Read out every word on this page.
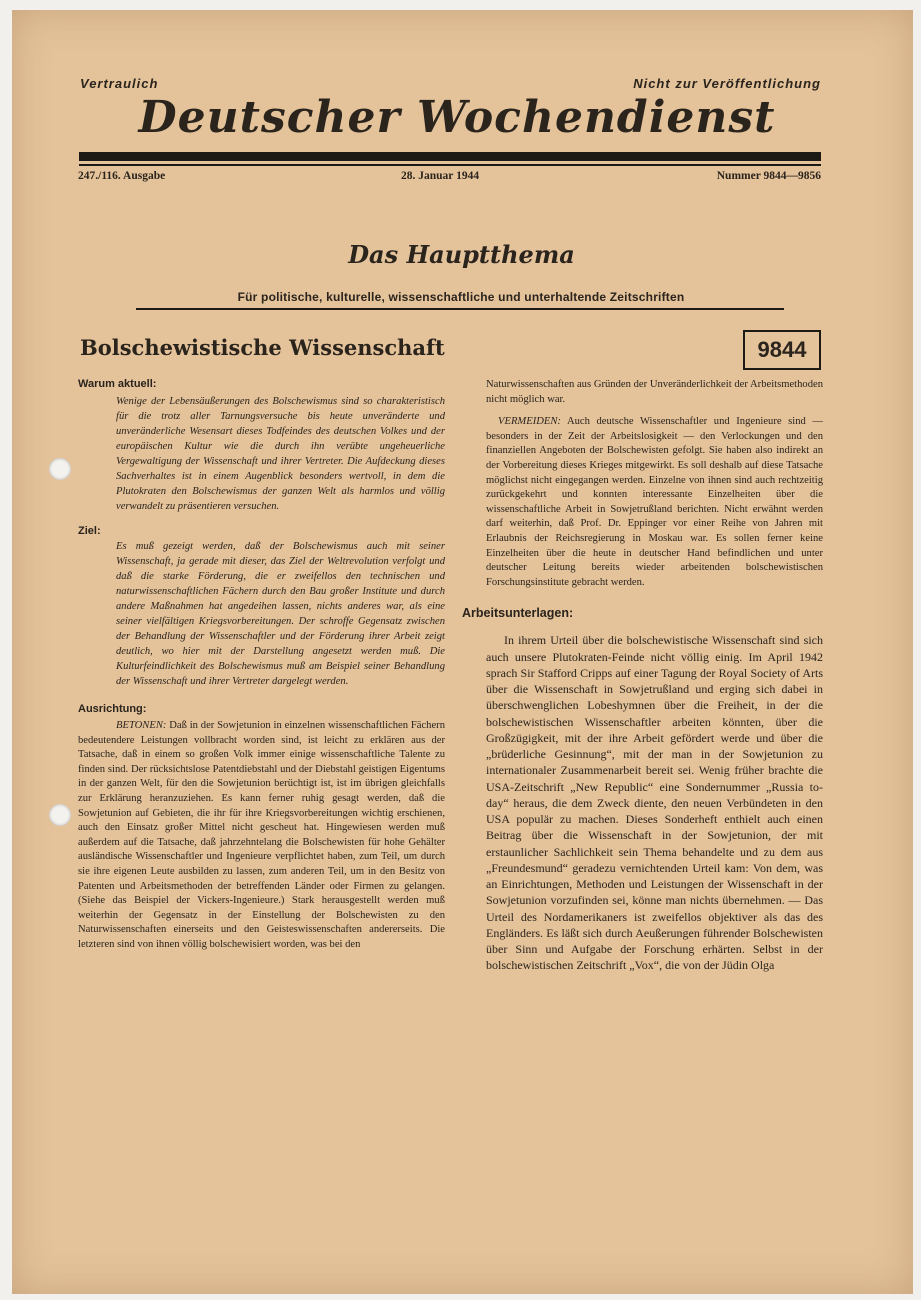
Vertraulich	Nicht zur Veröffentlichung
Deutscher Wochendienst
247./116. Ausgabe	28. Januar 1944	Nummer 9844—9856
Das Hauptthema
Für politische, kulturelle, wissenschaftliche und unterhaltende Zeitschriften
Bolschewistische Wissenschaft	9844
Warum aktuell:
Wenige der Lebensäußerungen des Bolschewismus sind so charakteristisch für die trotz aller Tarnungsversuche bis heute unveränderte und unveränderliche Wesensart dieses Todfeindes des deutschen Volkes und der europäischen Kultur wie die durch ihn verübte ungeheuerliche Vergewaltigung der Wissenschaft und ihrer Vertreter. Die Aufdeckung dieses Sachverhaltes ist in einem Augenblick besonders wertvoll, in dem die Plutokraten den Bolschewismus der ganzen Welt als harmlos und völlig verwandelt zu präsentieren versuchen.
Ziel:
Es muß gezeigt werden, daß der Bolschewismus auch mit seiner Wissenschaft, ja gerade mit dieser, das Ziel der Weltrevolution verfolgt und daß die starke Förderung, die er zweifellos den technischen und naturwissenschaftlichen Fächern durch den Bau großer Institute und durch andere Maßnahmen hat angedeihen lassen, nichts anderes war, als eine seiner vielfältigen Kriegsvorbereitungen. Der schroffe Gegensatz zwischen der Behandlung der Wissenschaftler und der Förderung ihrer Arbeit zeigt deutlich, wo hier mit der Darstellung angesetzt werden muß. Die Kulturfeindlichkeit des Bolschewismus muß am Beispiel seiner Behandlung der Wissenschaft und ihrer Vertreter dargelegt werden.
Ausrichtung:
BETONEN: Daß in der Sowjetunion in einzelnen wissenschaftlichen Fächern bedeutendere Leistungen vollbracht worden sind, ist leicht zu erklären aus der Tatsache, daß in einem so großen Volk immer einige wissenschaftliche Talente zu finden sind. Der rücksichtslose Patentdiebstahl und der Diebstahl geistigen Eigentums in der ganzen Welt, für den die Sowjetunion berüchtigt ist, ist im übrigen gleichfalls zur Erklärung heranzuziehen. Es kann ferner ruhig gesagt werden, daß die Sowjetunion auf Gebieten, die ihr für ihre Kriegsvorbereitungen wichtig erschienen, auch den Einsatz großer Mittel nicht gescheut hat. Hingewiesen werden muß außerdem auf die Tatsache, daß jahrzehntelang die Bolschewisten für hohe Gehälter ausländische Wissenschaftler und Ingenieure verpflichtet haben, zum Teil, um durch sie ihre eigenen Leute ausbilden zu lassen, zum anderen Teil, um in den Besitz von Patenten und Arbeitsmethoden der betreffenden Länder oder Firmen zu gelangen. (Siehe das Beispiel der Vickers-Ingenieure.) Stark herausgestellt werden muß weiterhin der Gegensatz in der Einstellung der Bolschewisten zu den Naturwissenschaften einerseits und den Geisteswissenschaften andererseits. Die letzteren sind von ihnen völlig bolschewisiert worden, was bei den
Naturwissenschaften aus Gründen der Unveränderlichkeit der Arbeitsmethoden nicht möglich war.
VERMEIDEN: Auch deutsche Wissenschaftler und Ingenieure sind — besonders in der Zeit der Arbeitslosigkeit — den Verlockungen und den finanziellen Angeboten der Bolschewisten gefolgt. Sie haben also indirekt an der Vorbereitung dieses Krieges mitgewirkt. Es soll deshalb auf diese Tatsache möglichst nicht eingegangen werden. Einzelne von ihnen sind auch rechtzeitig zurückgekehrt und konnten interessante Einzelheiten über die wissenschaftliche Arbeit in Sowjetrußland berichten. Nicht erwähnt werden darf weiterhin, daß Prof. Dr. Eppinger vor einer Reihe von Jahren mit Erlaubnis der Reichsregierung in Moskau war. Es sollen ferner keine Einzelheiten über die heute in deutscher Hand befindlichen und unter deutscher Leitung bereits wieder arbeitenden bolschewistischen Forschungsinstitute gebracht werden.
Arbeitsunterlagen:
In ihrem Urteil über die bolschewistische Wissenschaft sind sich auch unsere Plutokraten-Feinde nicht völlig einig. Im April 1942 sprach Sir Stafford Cripps auf einer Tagung der Royal Society of Arts über die Wissenschaft in Sowjetrußland und erging sich dabei in überschwenglichen Lobeshymnen über die Freiheit, in der die bolschewistischen Wissenschaftler arbeiten könnten, über die Großzügigkeit, mit der ihre Arbeit gefördert werde und über die „brüderliche Gesinnung“, mit der man in der Sowjetunion zu internationaler Zusammenarbeit bereit sei. Wenig früher brachte die USA-Zeitschrift „New Republic“ eine Sondernummer „Russia to-day“ heraus, die dem Zweck diente, den neuen Verbündeten in den USA populär zu machen. Dieses Sonderheft enthielt auch einen Beitrag über die Wissenschaft in der Sowjetunion, der mit erstaunlicher Sachlichkeit sein Thema behandelte und zu dem aus „Freundesmund“ geradezu vernichtenden Urteil kam: Von dem, was an Einrichtungen, Methoden und Leistungen der Wissenschaft in der Sowjetunion vorzufinden sei, könne man nichts übernehmen. — Das Urteil des Nordamerikaners ist zweifellos objektiver als das des Engländers. Es läßt sich durch Aeußerungen führender Bolschewisten über Sinn und Aufgabe der Forschung erhärten. Selbst in der bolschewistischen Zeitschrift „Vox“, die von der Jüdin Olga
